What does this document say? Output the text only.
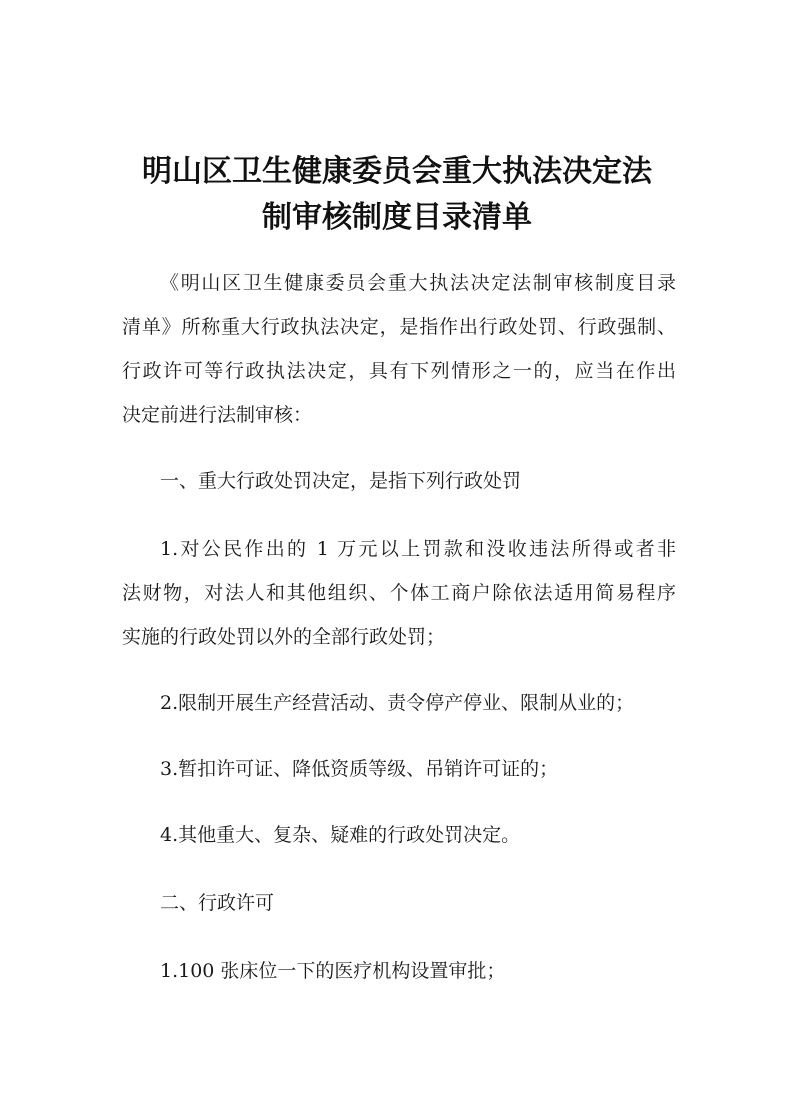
明山区卫生健康委员会重大执法决定法
制审核制度目录清单
《明山区卫生健康委员会重大执法决定法制审核制度目录
清单》所称重大行政执法决定，是指作出行政处罚、行政强制、
行政许可等行政执法决定，具有下列情形之一的，应当在作出
决定前进行法制审核：
一、重大行政处罚决定，是指下列行政处罚
1.对公民作出的 1 万元以上罚款和没收违法所得或者非
法财物，对法人和其他组织、个体工商户除依法适用简易程序
实施的行政处罚以外的全部行政处罚；
2.限制开展生产经营活动、责令停产停业、限制从业的；
3.暂扣许可证、降低资质等级、吊销许可证的；
4.其他重大、复杂、疑难的行政处罚决定。
二、行政许可
1.100 张床位一下的医疗机构设置审批；
